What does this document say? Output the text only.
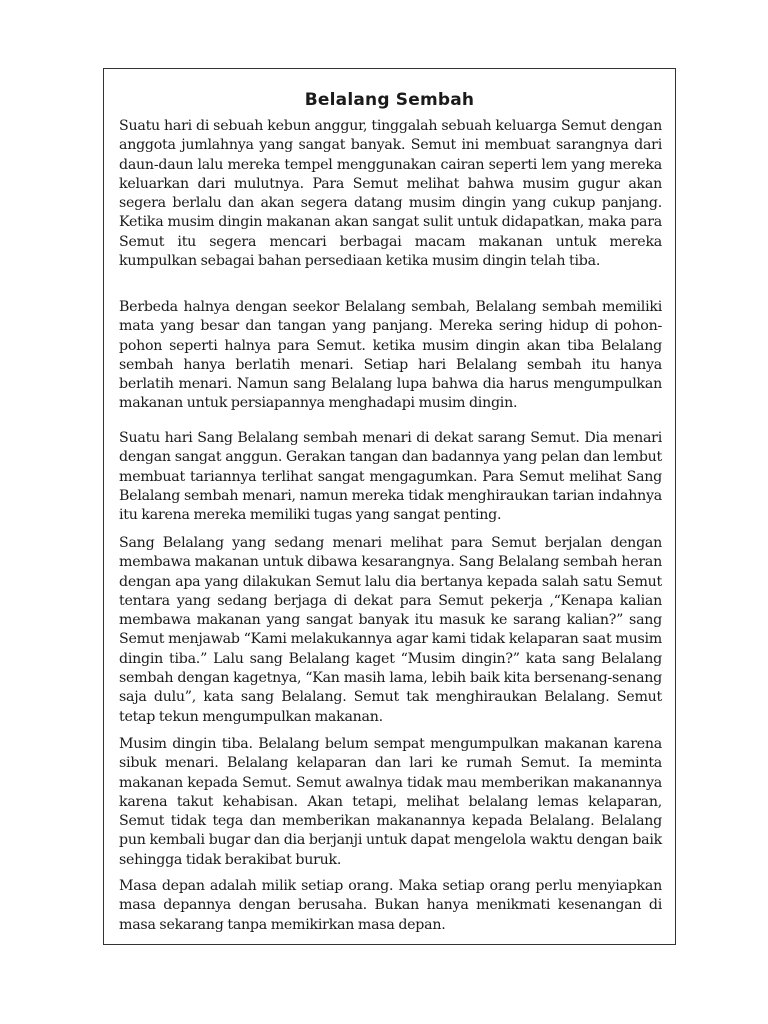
Belalang Sembah

Suatu hari di sebuah kebun anggur, tinggalah sebuah keluarga Semut dengan anggota jumlahnya yang sangat banyak. Semut ini membuat sarangnya dari daun-daun lalu mereka tempel menggunakan cairan seperti lem yang mereka keluarkan dari mulutnya. Para Semut melihat bahwa musim gugur akan segera berlalu dan akan segera datang musim dingin yang cukup panjang. Ketika musim dingin makanan akan sangat sulit untuk didapatkan, maka para Semut itu segera mencari berbagai macam makanan untuk mereka kumpulkan sebagai bahan persediaan ketika musim dingin telah tiba.

Berbeda halnya dengan seekor Belalang sembah, Belalang sembah memiliki mata yang besar dan tangan yang panjang. Mereka sering hidup di pohon-pohon seperti halnya para Semut. ketika musim dingin akan tiba Belalang sembah hanya berlatih menari. Setiap hari Belalang sembah itu hanya berlatih menari. Namun sang Belalang lupa bahwa dia harus mengumpulkan makanan untuk persiapannya menghadapi musim dingin.

Suatu hari Sang Belalang sembah menari di dekat sarang Semut. Dia menari dengan sangat anggun. Gerakan tangan dan badannya yang pelan dan lembut membuat tariannya terlihat sangat mengagumkan. Para Semut melihat Sang Belalang sembah menari, namun mereka tidak menghiraukan tarian indahnya itu karena mereka memiliki tugas yang sangat penting.

Sang Belalang yang sedang menari melihat para Semut berjalan dengan membawa makanan untuk dibawa kesarangnya. Sang Belalang sembah heran dengan apa yang dilakukan Semut lalu dia bertanya kepada salah satu Semut tentara yang sedang berjaga di dekat para Semut pekerja ,“Kenapa kalian membawa makanan yang sangat banyak itu masuk ke sarang kalian?” sang Semut menjawab “Kami melakukannya agar kami tidak kelaparan saat musim dingin tiba.” Lalu sang Belalang kaget “Musim dingin?” kata sang Belalang sembah dengan kagetnya, “Kan masih lama, lebih baik kita bersenang-senang saja dulu”, kata sang Belalang. Semut tak menghiraukan Belalang. Semut tetap tekun mengumpulkan makanan.

Musim dingin tiba. Belalang belum sempat mengumpulkan makanan karena sibuk menari. Belalang kelaparan dan lari ke rumah Semut. Ia meminta makanan kepada Semut. Semut awalnya tidak mau memberikan makanannya karena takut kehabisan. Akan tetapi, melihat belalang lemas kelaparan, Semut tidak tega dan memberikan makanannya kepada Belalang. Belalang pun kembali bugar dan dia berjanji untuk dapat mengelola waktu dengan baik sehingga tidak berakibat buruk.

Masa depan adalah milik setiap orang. Maka setiap orang perlu menyiapkan masa depannya dengan berusaha. Bukan hanya menikmati kesenangan di masa sekarang tanpa memikirkan masa depan.
